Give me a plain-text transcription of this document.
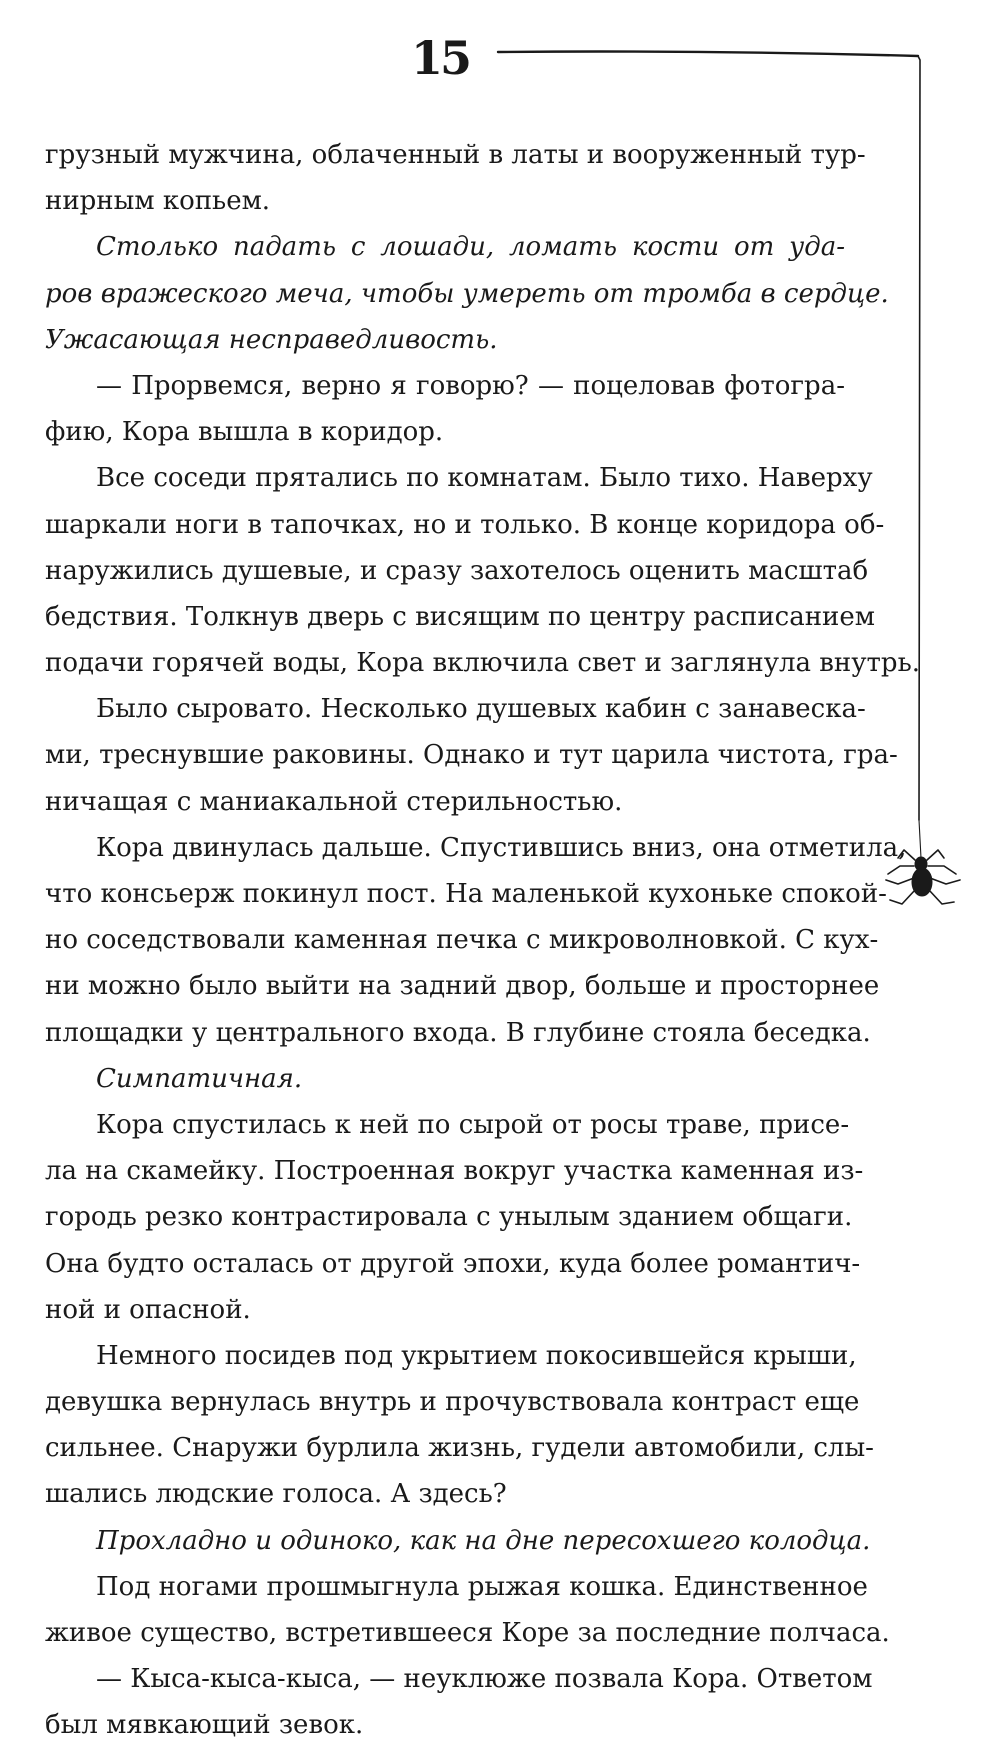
15
грузный мужчина, облаченный в латы и вооруженный тур-
нирным копьем.
Столько падать с лошади, ломать кости от уда-
ров вражеского меча, чтобы умереть от тромба в сердце.
Ужасающая несправедливость.
— Прорвемся, верно я говорю? — поцеловав фотогра-
фию, Кора вышла в коридор.
Все соседи прятались по комнатам. Было тихо. Наверху
шаркали ноги в тапочках, но и только. В конце коридора об-
наружились душевые, и сразу захотелось оценить масштаб
бедствия. Толкнув дверь с висящим по центру расписанием
подачи горячей воды, Кора включила свет и заглянула внутрь.
Было сыровато. Несколько душевых кабин с занавеска-
ми, треснувшие раковины. Однако и тут царила чистота, гра-
ничащая с маниакальной стерильностью.
Кора двинулась дальше. Спустившись вниз, она отметила,
что консьерж покинул пост. На маленькой кухоньке спокой-
но соседствовали каменная печка с микроволновкой. С кух-
ни можно было выйти на задний двор, больше и просторнее
площадки у центрального входа. В глубине стояла беседка.
Симпатичная.
Кора спустилась к ней по сырой от росы траве, присе-
ла на скамейку. Построенная вокруг участка каменная из-
городь резко контрастировала с унылым зданием общаги.
Она будто осталась от другой эпохи, куда более романтич-
ной и опасной.
Немного посидев под укрытием покосившейся крыши,
девушка вернулась внутрь и прочувствовала контраст еще
сильнее. Снаружи бурлила жизнь, гудели автомобили, слы-
шались людские голоса. А здесь?
Прохладно и одиноко, как на дне пересохшего колодца.
Под ногами прошмыгнула рыжая кошка. Единственное
живое существо, встретившееся Коре за последние полчаса.
— Кыса-кыса-кыса, — неуклюже позвала Кора. Ответом
был мявкающий зевок.
